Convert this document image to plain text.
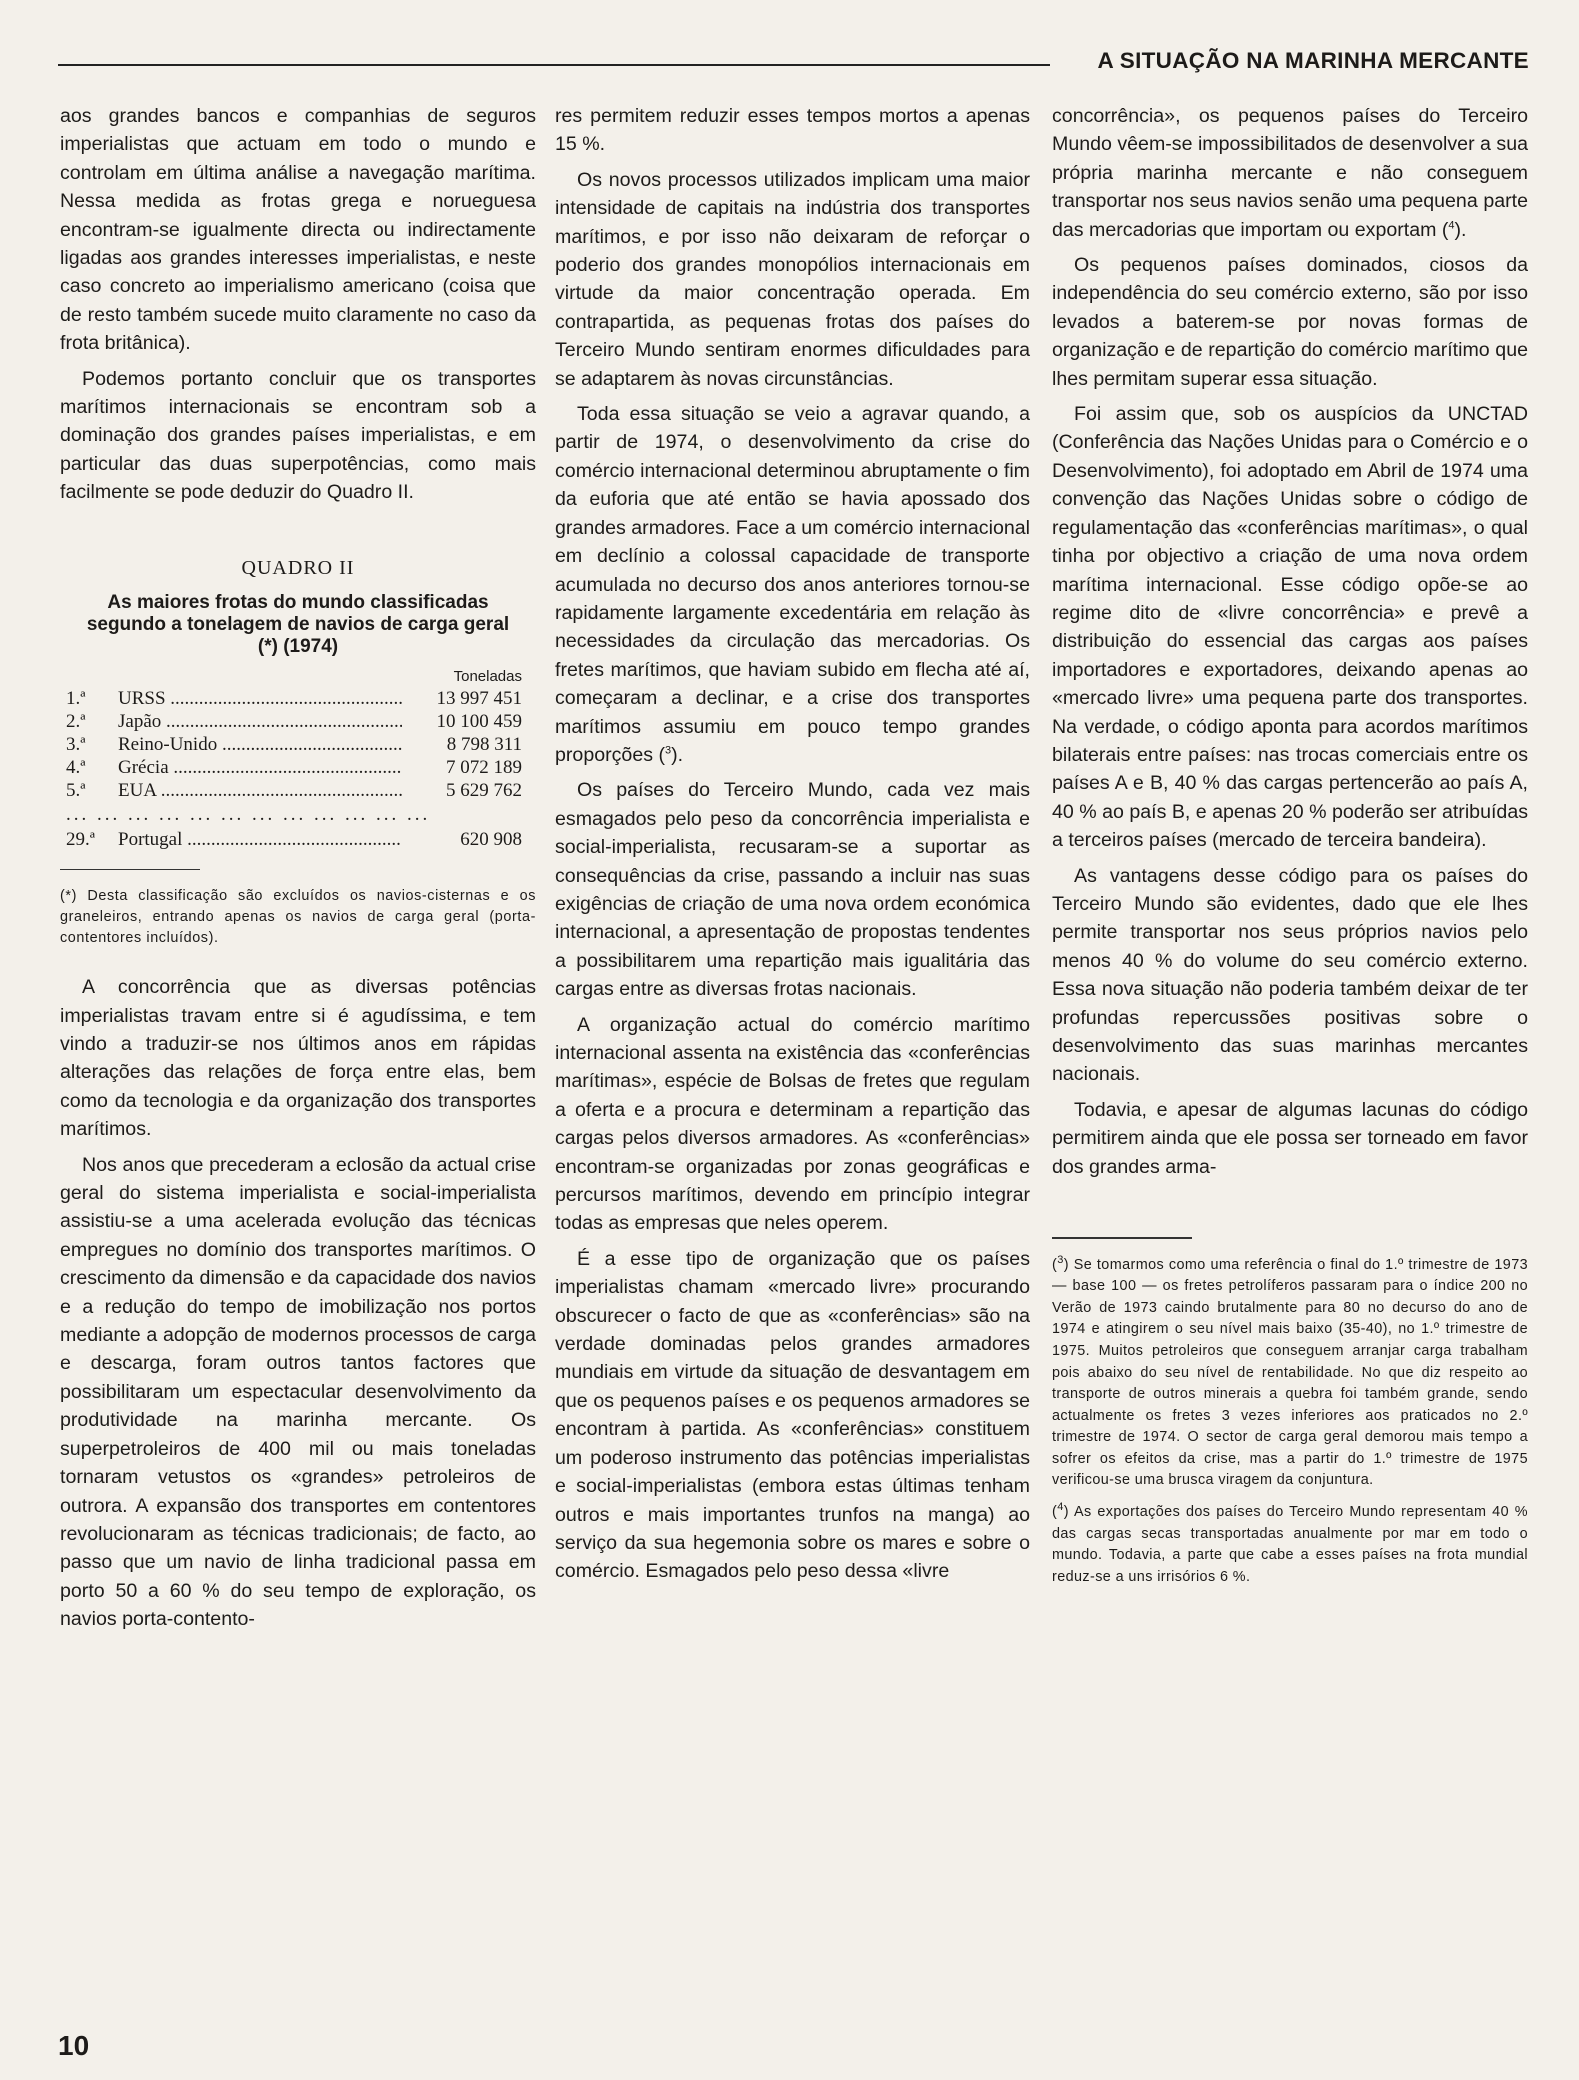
A SITUAÇÃO NA MARINHA MERCANTE

aos grandes bancos e companhias de seguros imperialistas que actuam em todo o mundo e controlam em última análise a navegação marítima. Nessa medida as frotas grega e norueguesa encontram-se igualmente directa ou indirectamente ligadas aos grandes interesses imperialistas, e neste caso concreto ao imperialismo americano (coisa que de resto também sucede muito claramente no caso da frota britânica).

Podemos portanto concluir que os transportes marítimos internacionais se encontram sob a dominação dos grandes países imperialistas, e em particular das duas superpotências, como mais facilmente se pode deduzir do Quadro II.

QUADRO II
As maiores frotas do mundo classificadas segundo a tonelagem de navios de carga geral (*) (1974)
Toneladas
1.ª	URSS .....	13 997 451
2.ª	Japão .....	10 100 459
3.ª	Reino-Unido .....	8 798 311
4.ª	Grécia .....	7 072 189
5.ª	EUA .....	5 629 762
... ... ... ... ... ... ... ... ... ... ... ...
29.ª	Portugal .....	620 908

(*) Desta classificação são excluídos os navios-cisternas e os graneleiros, entrando apenas os navios de carga geral (porta-contentores incluídos).

A concorrência que as diversas potências imperialistas travam entre si é agudíssima, e tem vindo a traduzir-se nos últimos anos em rápidas alterações das relações de força entre elas, bem como da tecnologia e da organização dos transportes marítimos.

Nos anos que precederam a eclosão da actual crise geral do sistema imperialista e social-imperialista assistiu-se a uma acelerada evolução das técnicas empregues no domínio dos transportes marítimos. O crescimento da dimensão e da capacidade dos navios e a redução do tempo de imobilização nos portos mediante a adopção de modernos processos de carga e descarga, foram outros tantos factores que possibilitaram um espectacular desenvolvimento da produtividade na marinha mercante. Os superpetroleiros de 400 mil ou mais toneladas tornaram vetustos os «grandes» petroleiros de outrora. A expansão dos transportes em contentores revolucionaram as técnicas tradicionais; de facto, ao passo que um navio de linha tradicional passa em porto 50 a 60 % do seu tempo de exploração, os navios porta-contento-

res permitem reduzir esses tempos mortos a apenas 15 %.

Os novos processos utilizados implicam uma maior intensidade de capitais na indústria dos transportes marítimos, e por isso não deixaram de reforçar o poderio dos grandes monopólios internacionais em virtude da maior concentração operada. Em contrapartida, as pequenas frotas dos países do Terceiro Mundo sentiram enormes dificuldades para se adaptarem às novas circunstâncias.

Toda essa situação se veio a agravar quando, a partir de 1974, o desenvolvimento da crise do comércio internacional determinou abruptamente o fim da euforia que até então se havia apossado dos grandes armadores. Face a um comércio internacional em declínio a colossal capacidade de transporte acumulada no decurso dos anos anteriores tornou-se rapidamente largamente excedentária em relação às necessidades da circulação das mercadorias. Os fretes marítimos, que haviam subido em flecha até aí, começaram a declinar, e a crise dos transportes marítimos assumiu em pouco tempo grandes proporções ($^3$).

Os países do Terceiro Mundo, cada vez mais esmagados pelo peso da concorrência imperialista e social-imperialista, recusaram-se a suportar as consequências da crise, passando a incluir nas suas exigências de criação de uma nova ordem económica internacional, a apresentação de propostas tendentes a possibilitarem uma repartição mais igualitária das cargas entre as diversas frotas nacionais.

A organização actual do comércio marítimo internacional assenta na existência das «conferências marítimas», espécie de Bolsas de fretes que regulam a oferta e a procura e determinam a repartição das cargas pelos diversos armadores. As «conferências» encontram-se organizadas por zonas geográficas e percursos marítimos, devendo em princípio integrar todas as empresas que neles operem.

É a esse tipo de organização que os países imperialistas chamam «mercado livre» procurando obscurecer o facto de que as «conferências» são na verdade dominadas pelos grandes armadores mundiais em virtude da situação de desvantagem em que os pequenos países e os pequenos armadores se encontram à partida. As «conferências» constituem um poderoso instrumento das potências imperialistas e social-imperialistas (embora estas últimas tenham outros e mais importantes trunfos na manga) ao serviço da sua hegemonia sobre os mares e sobre o comércio. Esmagados pelo peso dessa «livre

concorrência», os pequenos países do Terceiro Mundo vêem-se impossibilitados de desenvolver a sua própria marinha mercante e não conseguem transportar nos seus navios senão uma pequena parte das mercadorias que importam ou exportam ($^4$).

Os pequenos países dominados, ciosos da independência do seu comércio externo, são por isso levados a baterem-se por novas formas de organização e de repartição do comércio marítimo que lhes permitam superar essa situação.

Foi assim que, sob os auspícios da UNCTAD (Conferência das Nações Unidas para o Comércio e o Desenvolvimento), foi adoptado em Abril de 1974 uma convenção das Nações Unidas sobre o código de regulamentação das «conferências marítimas», o qual tinha por objectivo a criação de uma nova ordem marítima internacional. Esse código opõe-se ao regime dito de «livre concorrência» e prevê a distribuição do essencial das cargas aos países importadores e exportadores, deixando apenas ao «mercado livre» uma pequena parte dos transportes. Na verdade, o código aponta para acordos marítimos bilaterais entre países: nas trocas comerciais entre os países A e B, 40 % das cargas pertencerão ao país A, 40 % ao país B, e apenas 20 % poderão ser atribuídas a terceiros países (mercado de terceira bandeira).

As vantagens desse código para os países do Terceiro Mundo são evidentes, dado que ele lhes permite transportar nos seus próprios navios pelo menos 40 % do volume do seu comércio externo. Essa nova situação não poderia também deixar de ter profundas repercussões positivas sobre o desenvolvimento das suas marinhas mercantes nacionais.

Todavia, e apesar de algumas lacunas do código permitirem ainda que ele possa ser torneado em favor dos grandes arma-

($^3$) Se tomarmos como uma referência o final do 1.º trimestre de 1973 — base 100 — os fretes petrolíferos passaram para o índice 200 no Verão de 1973 caindo brutalmente para 80 no decurso do ano de 1974 e atingirem o seu nível mais baixo (35-40), no 1.º trimestre de 1975. Muitos petroleiros que conseguem arranjar carga trabalham pois abaixo do seu nível de rentabilidade. No que diz respeito ao transporte de outros minerais a quebra foi também grande, sendo actualmente os fretes 3 vezes inferiores aos praticados no 2.º trimestre de 1974. O sector de carga geral demorou mais tempo a sofrer os efeitos da crise, mas a partir do 1.º trimestre de 1975 verificou-se uma brusca viragem da conjuntura.

($^4$) As exportações dos países do Terceiro Mundo representam 40 % das cargas secas transportadas anualmente por mar em todo o mundo. Todavia, a parte que cabe a esses países na frota mundial reduz-se a uns irrisórios 6 %.

10
